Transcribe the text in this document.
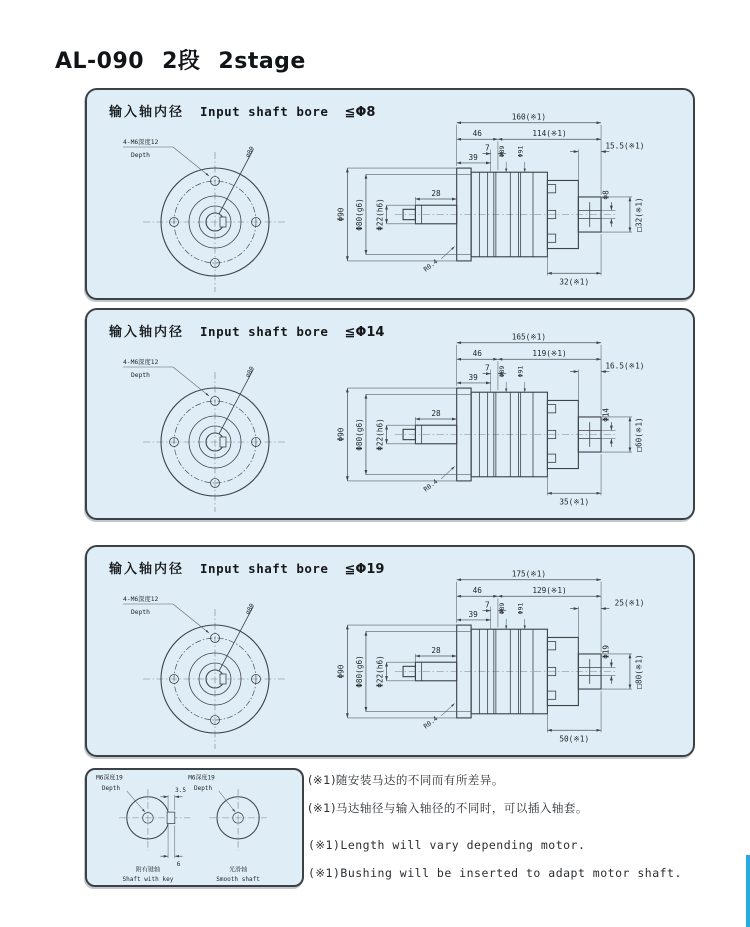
AL-090 2段 2stage
输入轴内径 Input shaft bore ≦Φ8
4-M6深度12
Depth	∅80
160(※1)
46	114(※1)
7
39
28
15.5(※1)
Φ90 Φ80(g6) Φ22(h6)
Φ89 Φ91
Φ8
□32(※1)
32(※1)
R0.4
输入轴内径 Input shaft bore ≦Φ14
4-M6深度12
Depth	∅80
165(※1)
46	119(※1)
7
39
28
16.5(※1)
Φ90 Φ80(g6) Φ22(h6)
Φ89 Φ91
Φ14
□60(※1)
35(※1)
R0.4
输入轴内径 Input shaft bore ≦Φ19
4-M6深度12
Depth	∅80
175(※1)
46	129(※1)
7
39
28
25(※1)
Φ90 Φ80(g6) Φ22(h6)
Φ89 Φ91
Φ19
□80(※1)
50(※1)
R0.4
3.5
6
M6深度19
Depth
附有键轴
Shaft with key
M6深度19
Depth
光滑轴
Smooth shaft
(※1)随安装马达的不同而有所差异。
(※1)马达轴径与输入轴径的不同时，可以插入轴套。
(※1)Length will vary depending motor.
(※1)Bushing will be inserted to adapt motor shaft.
